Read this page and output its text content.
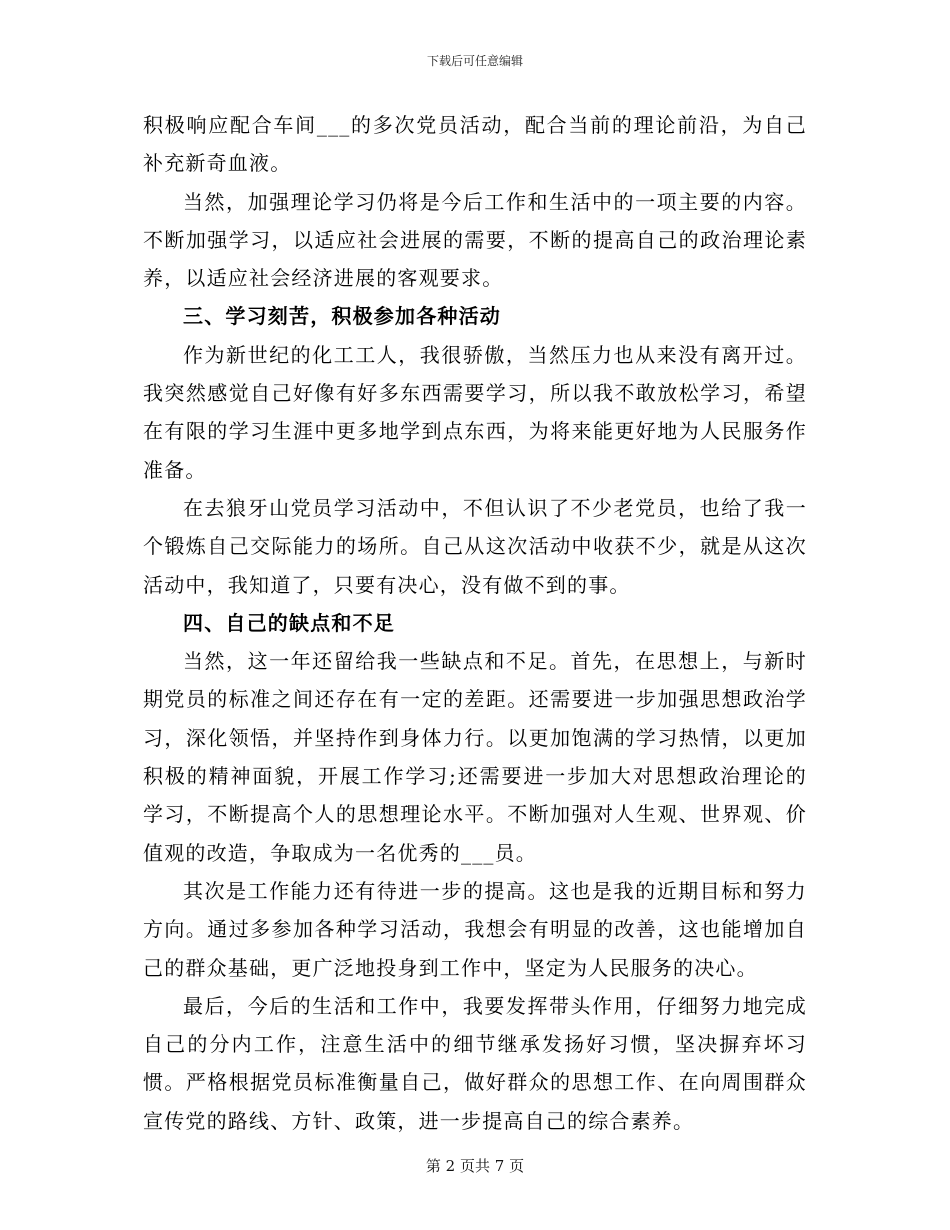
下载后可任意编辑

积极响应配合车间___的多次党员活动，配合当前的理论前沿，为自己补充新奇血液。

当然，加强理论学习仍将是今后工作和生活中的一项主要的内容。不断加强学习，以适应社会进展的需要，不断的提高自己的政治理论素养，以适应社会经济进展的客观要求。

三、学习刻苦，积极参加各种活动

作为新世纪的化工工人，我很骄傲，当然压力也从来没有离开过。我突然感觉自己好像有好多东西需要学习，所以我不敢放松学习，希望在有限的学习生涯中更多地学到点东西，为将来能更好地为人民服务作准备。

在去狼牙山党员学习活动中，不但认识了不少老党员，也给了我一个锻炼自己交际能力的场所。自己从这次活动中收获不少，就是从这次活动中，我知道了，只要有决心，没有做不到的事。

四、自己的缺点和不足

当然，这一年还留给我一些缺点和不足。首先，在思想上，与新时期党员的标准之间还存在有一定的差距。还需要进一步加强思想政治学习，深化领悟，并坚持作到身体力行。以更加饱满的学习热情，以更加积极的精神面貌，开展工作学习;还需要进一步加大对思想政治理论的学习，不断提高个人的思想理论水平。不断加强对人生观、世界观、价值观的改造，争取成为一名优秀的___员。

其次是工作能力还有待进一步的提高。这也是我的近期目标和努力方向。通过多参加各种学习活动，我想会有明显的改善，这也能增加自己的群众基础，更广泛地投身到工作中，坚定为人民服务的决心。

最后，今后的生活和工作中，我要发挥带头作用，仔细努力地完成自己的分内工作，注意生活中的细节继承发扬好习惯，坚决摒弃坏习惯。严格根据党员标准衡量自己，做好群众的思想工作、在向周围群众宣传党的路线、方针、政策，进一步提高自己的综合素养。

第 2 页共 7 页
